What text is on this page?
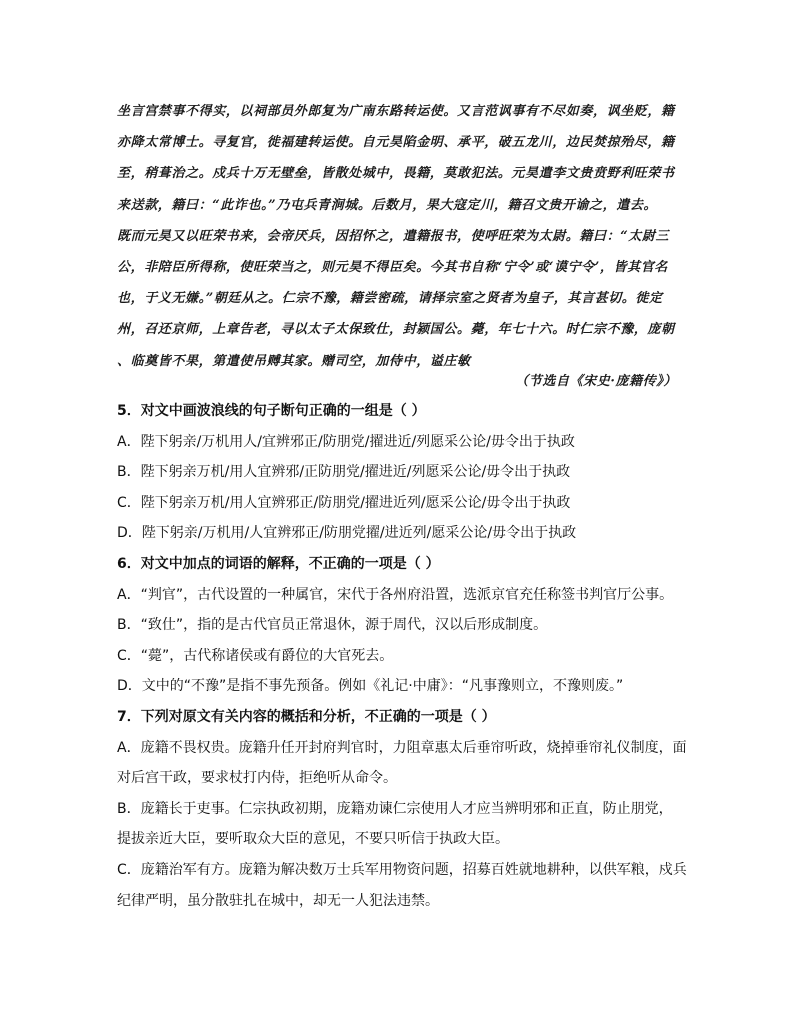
坐言宫禁事不得实，以祠部员外郎复为广南东路转运使。又言范讽事有不尽如奏，讽坐贬，籍
亦降太常博士。寻复官，徙福建转运使。自元昊陷金明、承平，破五龙川，边民焚掠殆尽，籍
至，稍葺治之。戍兵十万无壁垒，皆散处城中，畏籍，莫敢犯法。元昊遣李文贵贲野利旺荣书
来送款，籍曰：“此诈也。”乃屯兵青涧城。后数月，果大寇定川，籍召文贵开谕之，遣去。
既而元昊又以旺荣书来，会帝厌兵，因招怀之，遣籍报书，使呼旺荣为太尉。籍曰：“太尉三
公，非陪臣所得称，使旺荣当之，则元昊不得臣矣。今其书自称‘宁令’或‘谟宁令’，皆其官名
也，于义无嫌。”朝廷从之。仁宗不豫，籍尝密疏，请择宗室之贤者为皇子，其言甚切。徙定
州，召还京师，上章告老，寻以太子太保致仕，封颍国公。薨，年七十六。时仁宗不豫，庞朝
、临奠皆不果，第遣使吊赙其家。赠司空，加侍中，谥庄敏
（节选自《宋史·庞籍传》）
5．对文中画波浪线的句子断句正确的一组是（ ）
A．陛下躬亲/万机用人/宜辨邪正/防朋党/擢进近/列愿采公论/毋令出于执政
B．陛下躬亲万机/用人宜辨邪/正防朋党/擢进近/列愿采公论/毋令出于执政
C．陛下躬亲万机/用人宜辨邪正/防朋党/擢进近列/愿采公论/毋令出于执政
D．陛下躬亲/万机用/人宜辨邪正/防朋党擢/进近列/愿采公论/毋令出于执政
6．对文中加点的词语的解释，不正确的一项是（ ）
A．“判官”，古代设置的一种属官，宋代于各州府沿置，选派京官充任称签书判官厅公事。
B．“致仕”，指的是古代官员正常退休，源于周代，汉以后形成制度。
C．“薨”，古代称诸侯或有爵位的大官死去。
D．文中的“不豫”是指不事先预备。例如《礼记·中庸》：“凡事豫则立，不豫则废。”
7．下列对原文有关内容的概括和分析，不正确的一项是（ ）
A．庞籍不畏权贵。庞籍升任开封府判官时，力阻章惠太后垂帘听政，烧掉垂帘礼仪制度，面
对后宫干政，要求杖打内侍，拒绝听从命令。
B．庞籍长于吏事。仁宗执政初期，庞籍劝谏仁宗使用人才应当辨明邪和正直，防止朋党，
提拔亲近大臣，要听取众大臣的意见，不要只听信于执政大臣。
C．庞籍治军有方。庞籍为解决数万士兵军用物资问题，招募百姓就地耕种，以供军粮，戍兵
纪律严明，虽分散驻扎在城中，却无一人犯法违禁。
